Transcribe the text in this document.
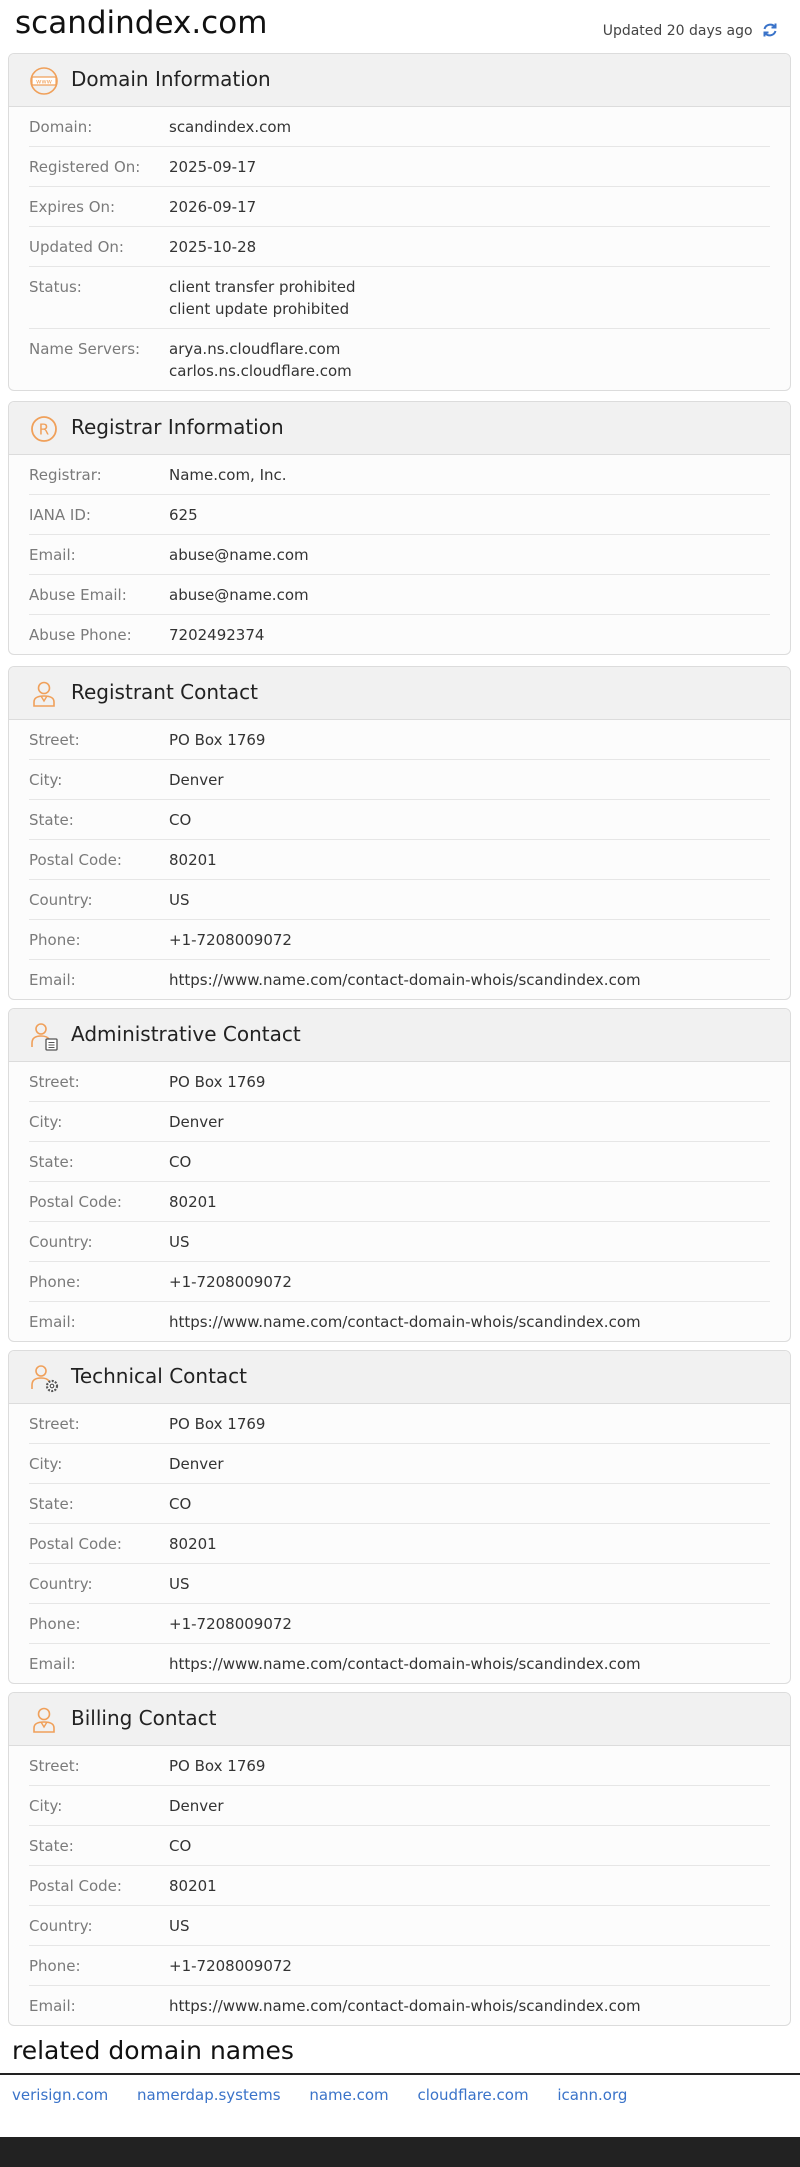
scandindex.com	Updated 20 days ago
www Domain Information
Domain:	scandindex.com
Registered On:	2025-09-17
Expires On:	2026-09-17
Updated On:	2025-10-28
Status:	client transfer prohibited
client update prohibited
Name Servers:	arya.ns.cloudflare.com
carlos.ns.cloudflare.com
R Registrar Information
Registrar:	Name.com, Inc.
IANA ID:	625
Email:	abuse@name.com
Abuse Email:	abuse@name.com
Abuse Phone:	7202492374
Registrant Contact
Street:	PO Box 1769
City:	Denver
State:	CO
Postal Code:	80201
Country:	US
Phone:	+1-7208009072
Email:	https://www.name.com/contact-domain-whois/scandindex.com
Administrative Contact
Street:	PO Box 1769
City:	Denver
State:	CO
Postal Code:	80201
Country:	US
Phone:	+1-7208009072
Email:	https://www.name.com/contact-domain-whois/scandindex.com
Technical Contact
Street:	PO Box 1769
City:	Denver
State:	CO
Postal Code:	80201
Country:	US
Phone:	+1-7208009072
Email:	https://www.name.com/contact-domain-whois/scandindex.com
Billing Contact
Street:	PO Box 1769
City:	Denver
State:	CO
Postal Code:	80201
Country:	US
Phone:	+1-7208009072
Email:	https://www.name.com/contact-domain-whois/scandindex.com
related domain names
verisign.com namerdap.systems name.com cloudflare.com icann.org
